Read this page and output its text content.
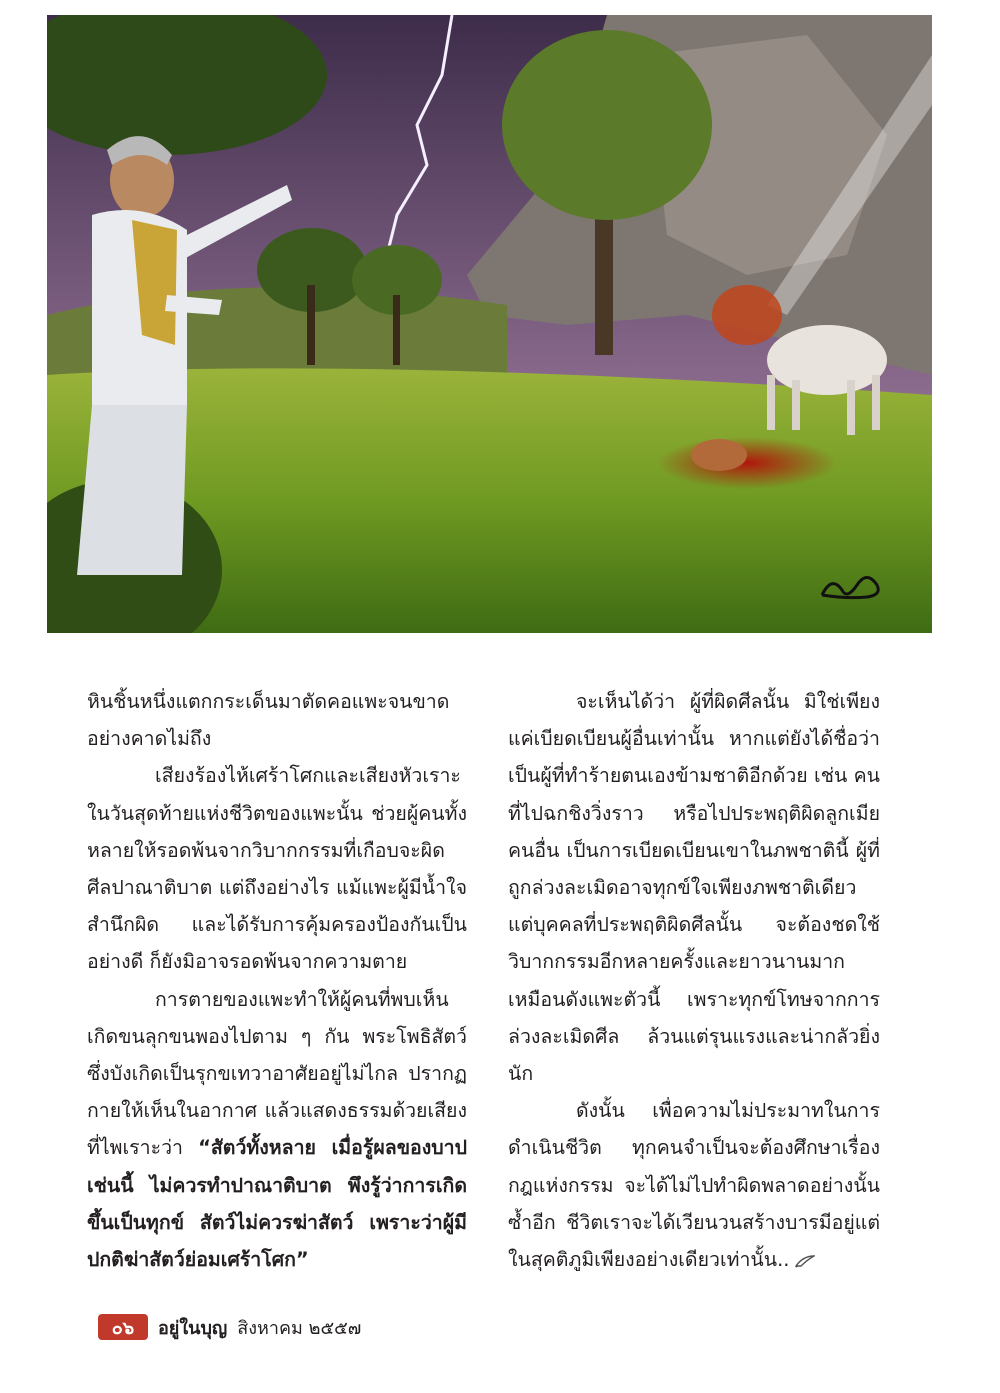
หินชิ้นหนึ่งแตกกระเด็นมาตัดคอแพะจนขาดอย่างคาดไม่ถึง

เสียงร้องไห้เศร้าโศกและเสียงหัวเราะในวันสุดท้ายแห่งชีวิตของแพะนั้น ช่วยผู้คนทั้งหลายให้รอดพ้นจากวิบากกรรมที่เกือบจะผิดศีลปาณาติบาต แต่ถึงอย่างไร แม้แพะผู้มีน้ำใจสำนึกผิด และได้รับการคุ้มครองป้องกันเป็นอย่างดี ก็ยังมิอาจรอดพ้นจากความตาย

การตายของแพะทำให้ผู้คนที่พบเห็นเกิดขนลุกขนพองไปตาม ๆ กัน พระโพธิสัตว์ซึ่งบังเกิดเป็นรุกขเทวาอาศัยอยู่ไม่ไกล ปรากฏกายให้เห็นในอากาศ แล้วแสดงธรรมด้วยเสียงที่ไพเราะว่า “สัตว์ทั้งหลาย เมื่อรู้ผลของบาปเช่นนี้ ไม่ควรทำปาณาติบาต พึงรู้ว่าการเกิดขึ้นเป็นทุกข์ สัตว์ไม่ควรฆ่าสัตว์ เพราะว่าผู้มีปกติฆ่าสัตว์ย่อมเศร้าโศก”

จะเห็นได้ว่า ผู้ที่ผิดศีลนั้น มิใช่เพียงแค่เบียดเบียนผู้อื่นเท่านั้น หากแต่ยังได้ชื่อว่าเป็นผู้ที่ทำร้ายตนเองข้ามชาติอีกด้วย เช่น คนที่ไปฉกชิงวิ่งราว หรือไปประพฤติผิดลูกเมียคนอื่น เป็นการเบียดเบียนเขาในภพชาตินี้ ผู้ที่ถูกล่วงละเมิดอาจทุกข์ใจเพียงภพชาติเดียว แต่บุคคลที่ประพฤติผิดศีลนั้น จะต้องชดใช้วิบากกรรมอีกหลายครั้งและยาวนานมากเหมือนดังแพะตัวนี้ เพราะทุกข์โทษจากการล่วงละเมิดศีล ล้วนแต่รุนแรงและน่ากลัวยิ่งนัก

ดังนั้น เพื่อความไม่ประมาทในการดำเนินชีวิต ทุกคนจำเป็นจะต้องศึกษาเรื่องกฎแห่งกรรม จะได้ไม่ไปทำผิดพลาดอย่างนั้นซ้ำอีก ชีวิตเราจะได้เวียนวนสร้างบารมีอยู่แต่ในสุคติภูมิเพียงอย่างเดียวเท่านั้น..

๐๖	อยู่ในบุญ สิงหาคม ๒๕๕๗
